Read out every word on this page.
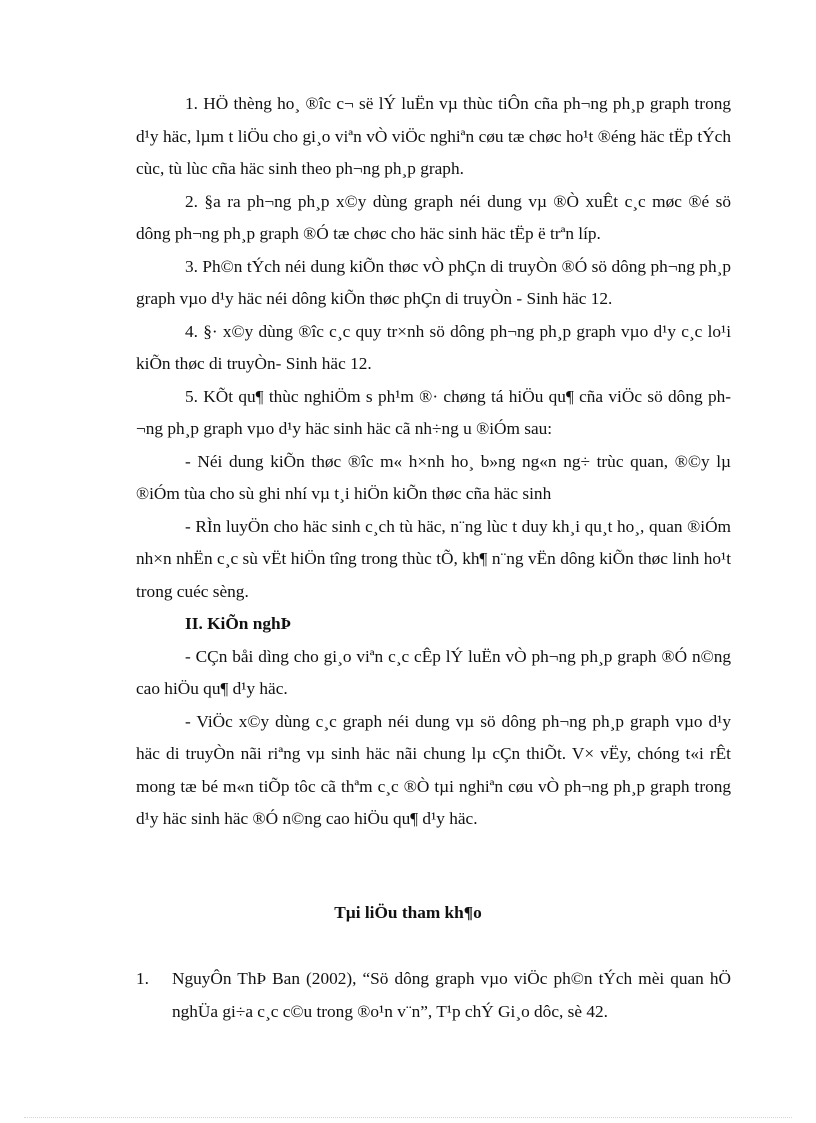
1. HÖ thèng ho¸ ®îc c¬ së lÝ luËn vµ thùc tiÔn cña ph¬ng ph¸p graph trong d¹y häc, lµm t liÖu cho gi¸o viªn vÒ viÖc nghiªn cøu tæ chøc ho¹t ®éng häc tËp tÝch cùc, tù lùc cña häc sinh theo ph¬ng ph¸p graph.

2. §a ra ph¬ng ph¸p x©y dùng graph néi dung vµ ®Ò xuÊt c¸c møc ®é sö dông ph¬ng ph¸p graph ®Ó tæ chøc cho häc sinh häc tËp ë trªn líp.

3. Ph©n tÝch néi dung kiÕn thøc vÒ phÇn di truyÒn ®Ó sö dông ph¬ng ph¸p graph vµo d¹y häc néi dông kiÕn thøc phÇn di truyÒn - Sinh häc 12.

4. §· x©y dùng ®îc c¸c quy tr×nh sö dông ph¬ng ph¸p graph vµo d¹y c¸c lo¹i kiÕn thøc di truyÒn- Sinh häc 12.

5. KÕt qu¶ thùc nghiÖm s ph¹m ®· chøng tá hiÖu qu¶ cña viÖc sö dông ph¬ng ph¸p graph vµo d¹y häc sinh häc cã nh÷ng u ®iÓm sau:

- Néi dung kiÕn thøc ®îc m« h×nh ho¸ b»ng ng«n ng÷ trùc quan, ®©y lµ ®iÓm tùa cho sù ghi nhí vµ t¸i hiÖn kiÕn thøc cña häc sinh

- RÌn luyÖn cho häc sinh c¸ch tù häc, n¨ng lùc t duy kh¸i qu¸t ho¸, quan ®iÓm nh×n nhËn c¸c sù vËt hiÖn tîng trong thùc tÕ, kh¶ n¨ng vËn dông kiÕn thøc linh ho¹t trong cuéc sèng.

II. KiÕn nghÞ

- CÇn båi dìng cho gi¸o viªn c¸c cÊp lÝ luËn vÒ ph¬ng ph¸p graph ®Ó n©ng cao hiÖu qu¶ d¹y häc.

- ViÖc x©y dùng c¸c graph néi dung vµ sö dông ph¬ng ph¸p graph vµo d¹y häc di truyÒn nãi riªng vµ sinh häc nãi chung lµ cÇn thiÕt. V× vËy, chóng t«i rÊt mong tæ bé m«n tiÕp tôc cã thªm c¸c ®Ò tµi nghiªn cøu vÒ ph¬ng ph¸p graph trong d¹y häc sinh häc ®Ó n©ng cao hiÖu qu¶ d¹y häc.

Tµi liÖu tham kh¶o
1. NguyÔn ThÞ Ban (2002), “Sö dông graph vµo viÖc ph©n tÝch mèi quan hÖ nghÜa gi÷a c¸c c©u trong ®o¹n v¨n”, T¹p chÝ Gi¸o dôc, sè 42.
